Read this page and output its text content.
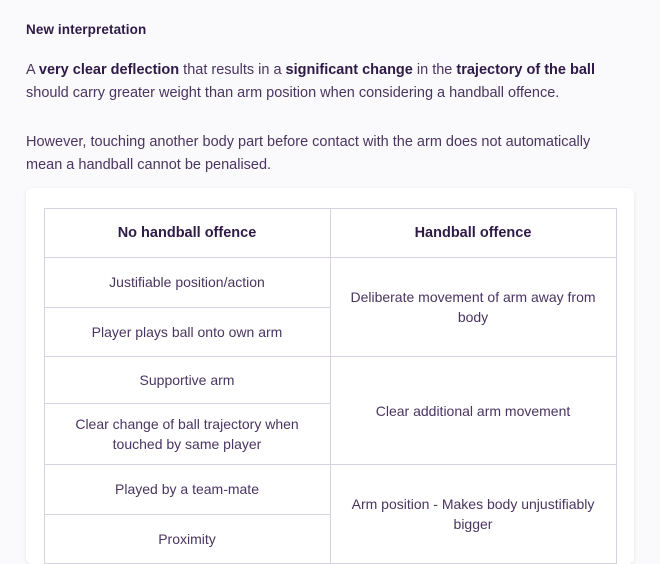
New interpretation

A very clear deflection that results in a significant change in the trajectory of the ball should carry greater weight than arm position when considering a handball offence.

However, touching another body part before contact with the arm does not automatically mean a handball cannot be penalised.

No handball offence	Handball offence
Justifiable position/action	Deliberate movement of arm away from body
Player plays ball onto own arm	
Supportive arm	Clear additional arm movement
Clear change of ball trajectory when touched by same player	
Played by a team-mate	Arm position - Makes body unjustifiably bigger
Proximity	
